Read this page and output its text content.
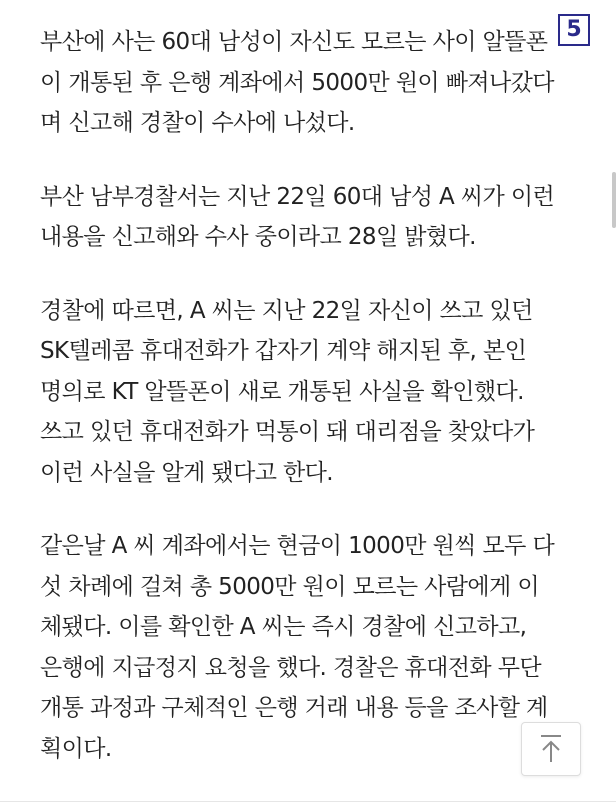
부산에 사는 60대 남성이 자신도 모르는 사이 알뜰폰
이 개통된 후 은행 계좌에서 5000만 원이 빠져나갔다
며 신고해 경찰이 수사에 나섰다.

부산 남부경찰서는 지난 22일 60대 남성 A 씨가 이런
내용을 신고해와 수사 중이라고 28일 밝혔다.

경찰에 따르면, A 씨는 지난 22일 자신이 쓰고 있던
SK텔레콤 휴대전화가 갑자기 계약 해지된 후, 본인
명의로 KT 알뜰폰이 새로 개통된 사실을 확인했다.
쓰고 있던 휴대전화가 먹통이 돼 대리점을 찾았다가
이런 사실을 알게 됐다고 한다.

같은날 A 씨 계좌에서는 현금이 1000만 원씩 모두 다
섯 차례에 걸쳐 총 5000만 원이 모르는 사람에게 이
체됐다. 이를 확인한 A 씨는 즉시 경찰에 신고하고,
은행에 지급정지 요청을 했다. 경찰은 휴대전화 무단
개통 과정과 구체적인 은행 거래 내용 등을 조사할 계
획이다.

5
